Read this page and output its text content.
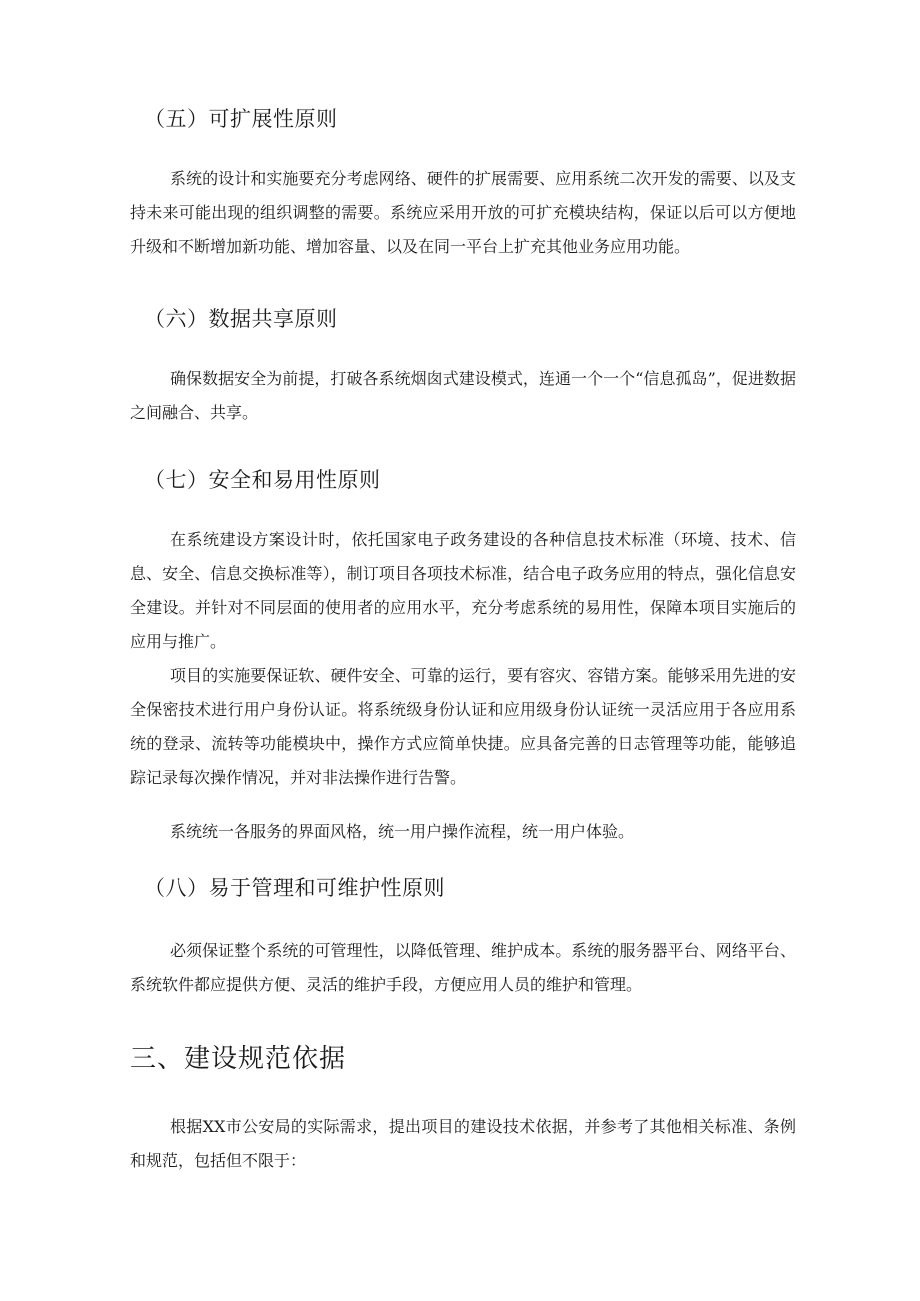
（五）可扩展性原则

系统的设计和实施要充分考虑网络、硬件的扩展需要、应用系统二次开发的需要、以及支持未来可能出现的组织调整的需要。系统应采用开放的可扩充模块结构，保证以后可以方便地升级和不断增加新功能、增加容量、以及在同一平台上扩充其他业务应用功能。

（六）数据共享原则

确保数据安全为前提，打破各系统烟囱式建设模式，连通一个一个“信息孤岛”，促进数据之间融合、共享。

（七）安全和易用性原则

在系统建设方案设计时，依托国家电子政务建设的各种信息技术标准（环境、技术、信息、安全、信息交换标准等），制订项目各项技术标准，结合电子政务应用的特点，强化信息安全建设。并针对不同层面的使用者的应用水平，充分考虑系统的易用性，保障本项目实施后的应用与推广。

项目的实施要保证软、硬件安全、可靠的运行，要有容灾、容错方案。能够采用先进的安全保密技术进行用户身份认证。将系统级身份认证和应用级身份认证统一灵活应用于各应用系统的登录、流转等功能模块中，操作方式应简单快捷。应具备完善的日志管理等功能，能够追踪记录每次操作情况，并对非法操作进行告警。

系统统一各服务的界面风格，统一用户操作流程，统一用户体验。

（八）易于管理和可维护性原则

必须保证整个系统的可管理性，以降低管理、维护成本。系统的服务器平台、网络平台、系统软件都应提供方便、灵活的维护手段，方便应用人员的维护和管理。

三、建设规范依据

根据XX市公安局的实际需求，提出项目的建设技术依据，并参考了其他相关标准、条例和规范，包括但不限于：
